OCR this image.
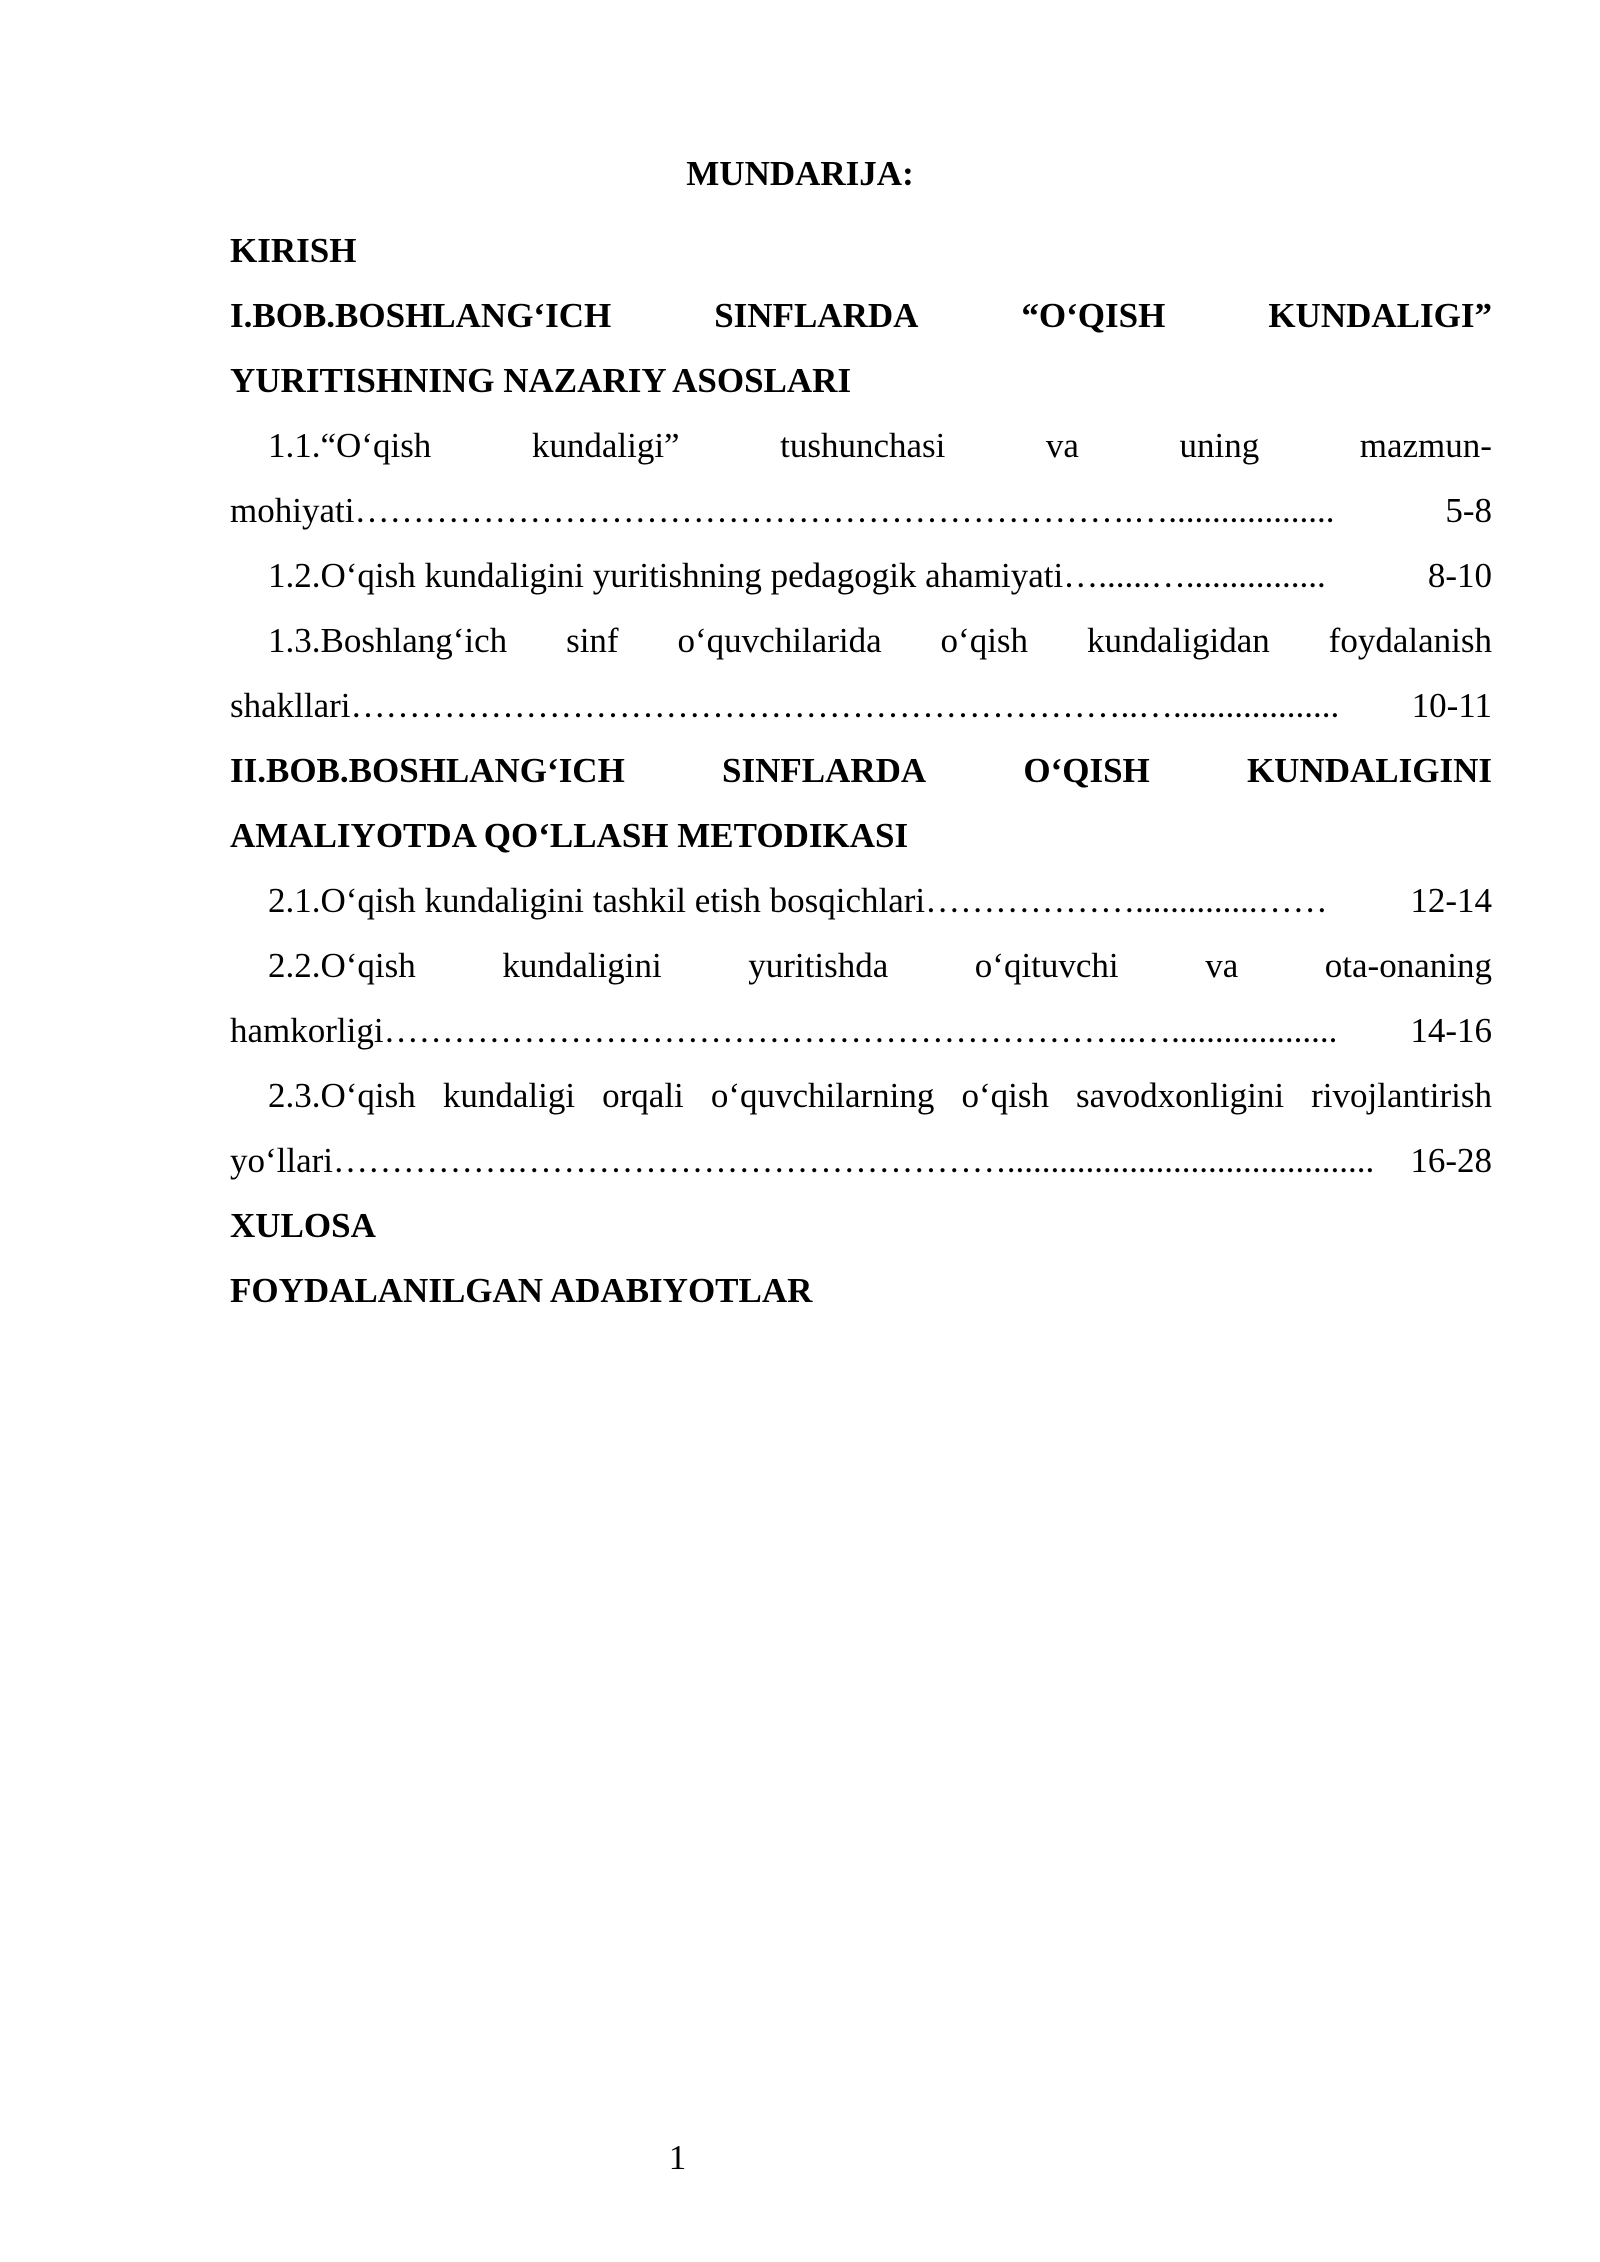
MUNDARIJA:
KIRISH
I.BOB.BOSHLANG‘ICH	SINFLARDA	“O‘QISH	KUNDALIGI”
YURITISHNING NAZARIY ASOSLARI
1.1.“O‘qish	kundaligi”	tushunchasi	va	uning	mazmun-
mohiyati ………………………………………………………….…...................	5-8
1.2.O‘qish kundaligini yuritishning pedagogik ahamiyati …......…................	8-10
1.3.Boshlang‘ich sinf o‘quvchilarida o‘qish kundaligidan foydalanish
shakllari …………………………………………………………..…...................	10-11
II.BOB.BOSHLANG‘ICH	SINFLARDA	O‘QISH	KUNDALIGINI
AMALIYOTDA QO‘LLASH METODIKASI
2.1.O‘qish kundaligini tashkil etish bosqichlari ………………..............……	12-14
2.2.O‘qish kundaligini yuritishda o‘qituvchi va ota-onaning
hamkorligi ………………………………………………………..…...................	14-16
2.3.O‘qish kundaligi orqali o‘quvchilarning o‘qish savodxonligini rivojlantirish
yo‘llari …………….……………………………………..........................................	16-28
XULOSA
FOYDALANILGAN ADABIYOTLAR
1
